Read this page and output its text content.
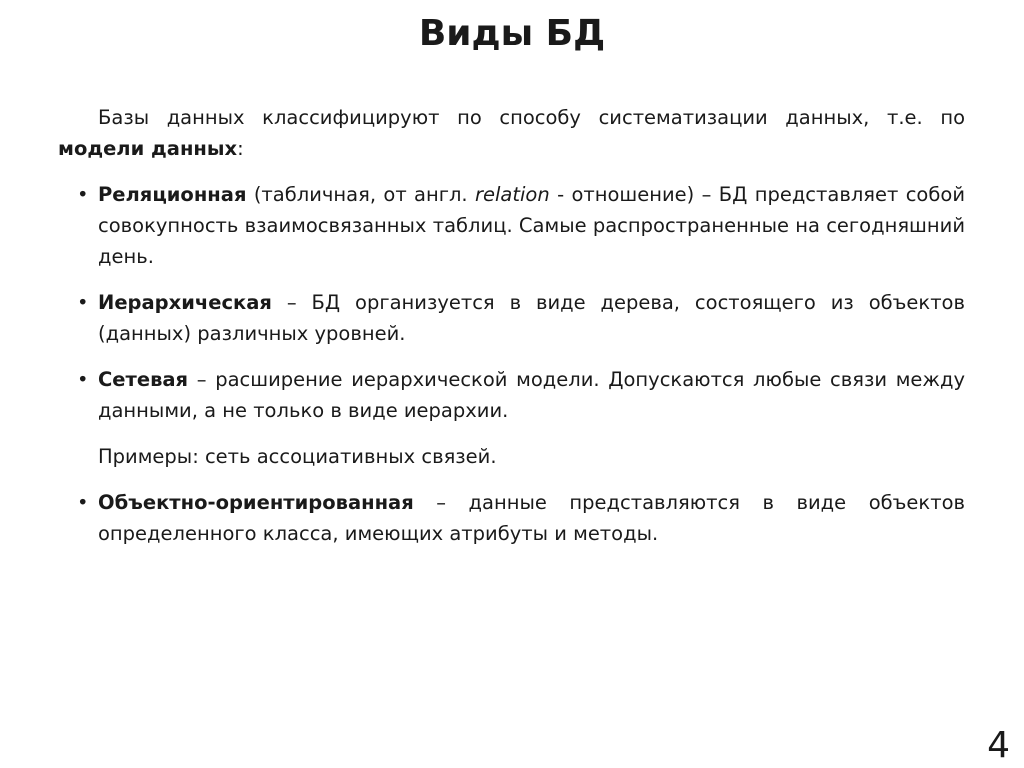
Виды БД

Базы данных классифицируют по способу систематизации данных, т.е. по модели данных:

• Реляционная (табличная, от англ. relation - отношение) – БД представляет собой совокупность взаимосвязанных таблиц. Самые распространенные на сегодняшний день.
• Иерархическая – БД организуется в виде дерева, состоящего из объектов (данных) различных уровней.
• Сетевая – расширение иерархической модели. Допускаются любые связи между данными, а не только в виде иерархии.

Примеры: сеть ассоциативных связей.

• Объектно-ориентированная – данные представляются в виде объектов определенного класса, имеющих атрибуты и методы.
4
